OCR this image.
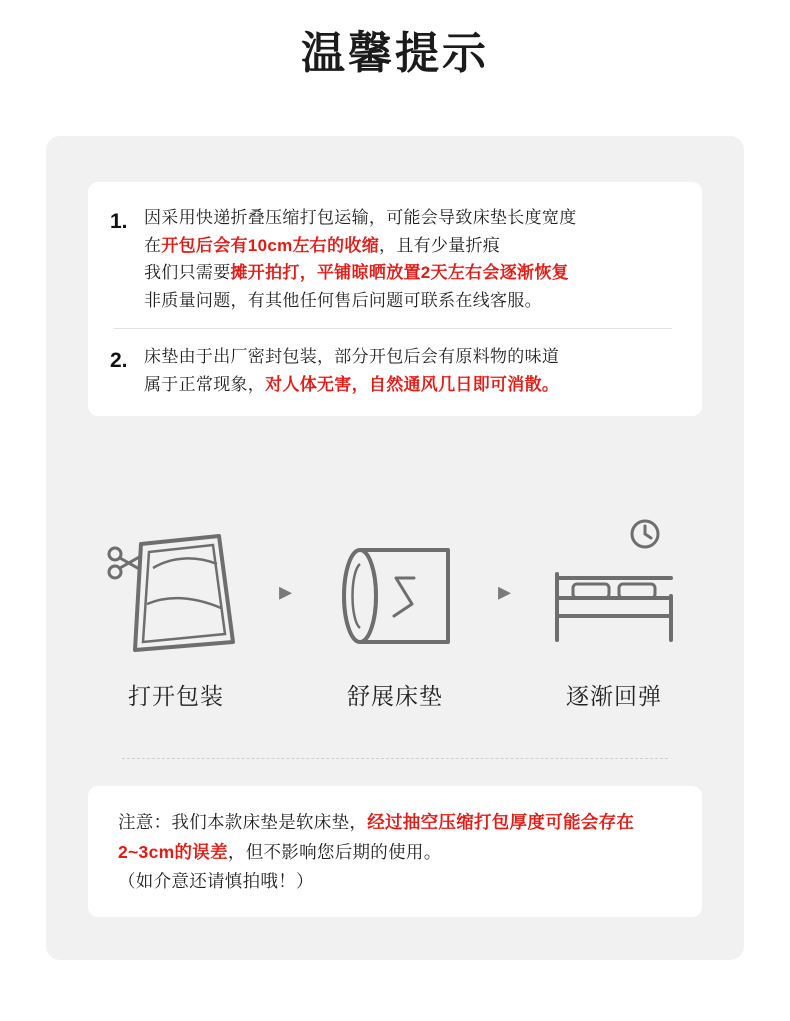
温馨提示
1. 因采用快递折叠压缩打包运输，可能会导致床垫长度宽度
在开包后会有10cm左右的收缩，且有少量折痕
我们只需要摊开拍打，平铺晾晒放置2天左右会逐渐恢复
非质量问题，有其他任何售后问题可联系在线客服。
2. 床垫由于出厂密封包装，部分开包后会有原料物的味道
属于正常现象，对人体无害，自然通风几日即可消散。
打开包装
▸
舒展床垫
▸
逐渐回弹
注意：我们本款床垫是软床垫，经过抽空压缩打包厚度可能会存在2~3cm的误差，但不影响您后期的使用。
（如介意还请慎拍哦！）
